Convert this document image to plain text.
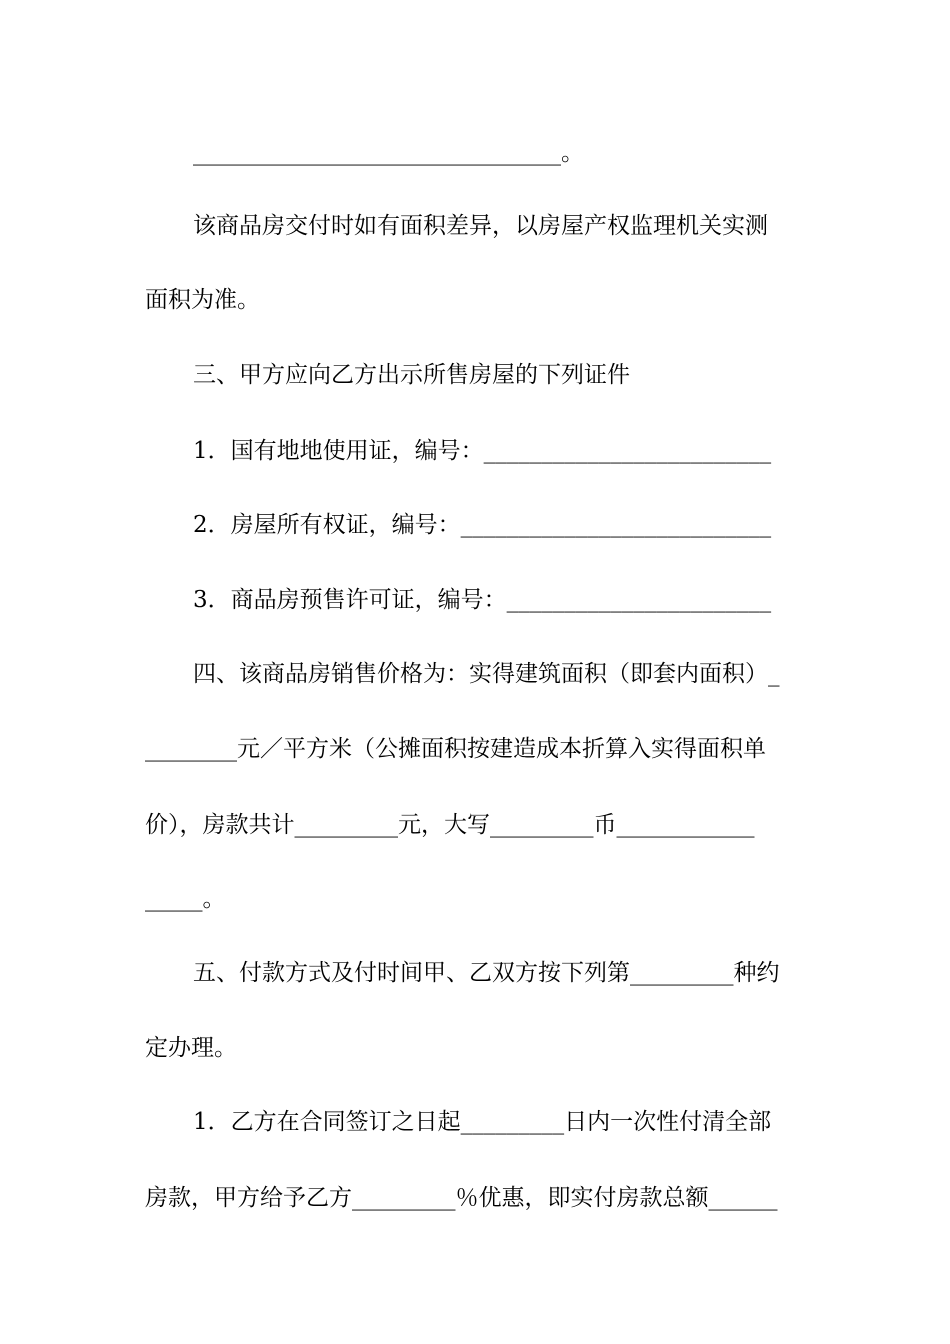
________________________________。
该商品房交付时如有面积差异，以房屋产权监理机关实测
面积为准。
三、甲方应向乙方出示所售房屋的下列证件
1．国有地地使用证，编号：_________________________
2．房屋所有权证，编号：___________________________
3．商品房预售许可证，编号：_______________________
四、该商品房销售价格为：实得建筑面积（即套内面积）_
________元／平方米（公摊面积按建造成本折算入实得面积单
价），房款共计_________元，大写_________币____________
_____。
五、付款方式及付时间甲、乙双方按下列第_________种约
定办理。
1．乙方在合同签订之日起_________日内一次性付清全部
房款，甲方给予乙方_________％优惠，即实付房款总额______
